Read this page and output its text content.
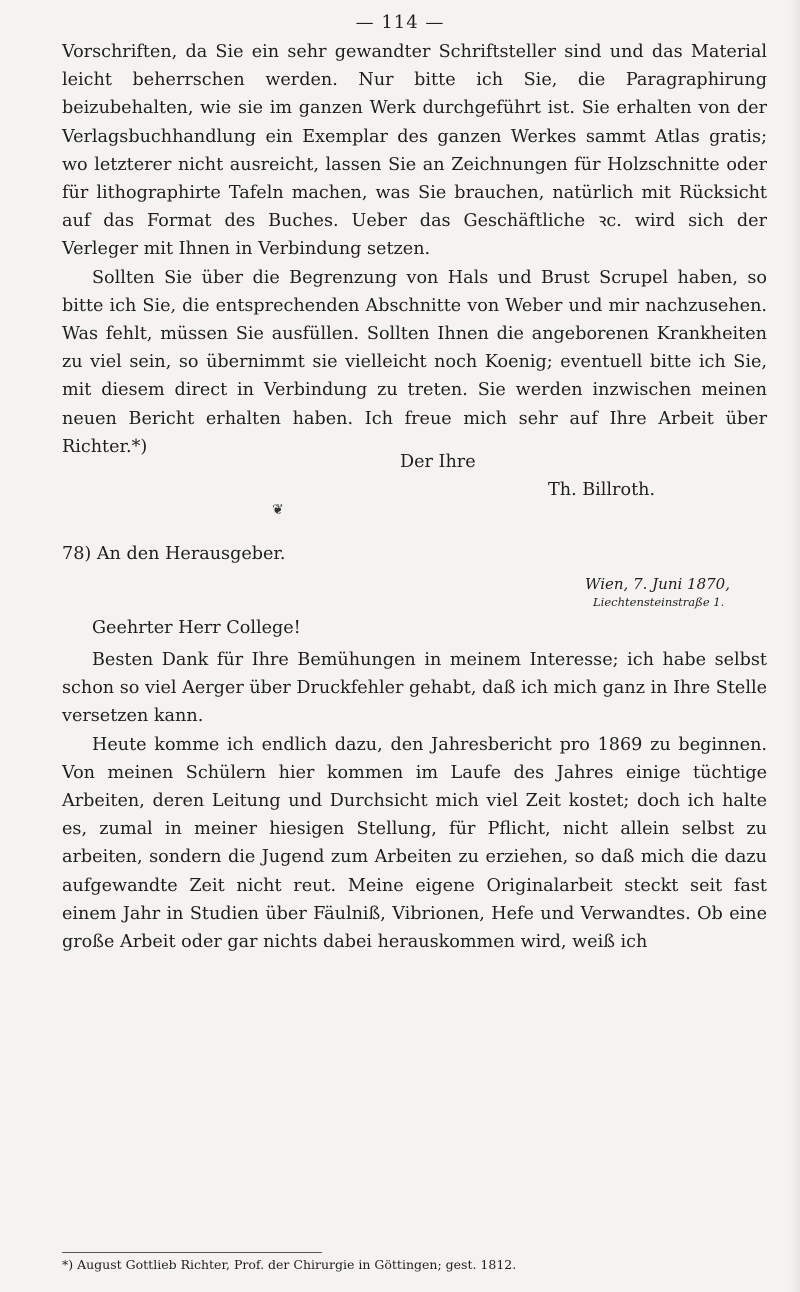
— 114 —

Vorschriften, da Sie ein sehr gewandter Schriftsteller sind und das Material leicht beherrschen werden. Nur bitte ich Sie, die Paragraphirung beizubehalten, wie sie im ganzen Werk durchgeführt ist. Sie erhalten von der Verlagsbuchhandlung ein Exemplar des ganzen Werkes sammt Atlas gratis; wo letzterer nicht ausreicht, lassen Sie an Zeichnungen für Holzschnitte oder für lithographirte Tafeln machen, was Sie brauchen, natürlich mit Rücksicht auf das Format des Buches. Ueber das Geschäftliche ꝛc. wird sich der Verleger mit Ihnen in Verbindung setzen.

Sollten Sie über die Begrenzung von Hals und Brust Scrupel haben, so bitte ich Sie, die entsprechenden Abschnitte von Weber und mir nachzusehen. Was fehlt, müssen Sie ausfüllen. Sollten Ihnen die angeborenen Krankheiten zu viel sein, so übernimmt sie vielleicht noch Koenig; eventuell bitte ich Sie, mit diesem direct in Verbindung zu treten. Sie werden inzwischen meinen neuen Bericht erhalten haben. Ich freue mich sehr auf Ihre Arbeit über Richter.*)

Der Ihre
Th. Billroth.
❦
78) An den Herausgeber.
Wien, 7. Juni 1870,
Liechtensteinstraße 1.
Geehrter Herr College!

Besten Dank für Ihre Bemühungen in meinem Interesse; ich habe selbst schon so viel Aerger über Druckfehler gehabt, daß ich mich ganz in Ihre Stelle versetzen kann.

Heute komme ich endlich dazu, den Jahresbericht pro 1869 zu beginnen. Von meinen Schülern hier kommen im Laufe des Jahres einige tüchtige Arbeiten, deren Leitung und Durchsicht mich viel Zeit kostet; doch ich halte es, zumal in meiner hiesigen Stellung, für Pflicht, nicht allein selbst zu arbeiten, sondern die Jugend zum Arbeiten zu erziehen, so daß mich die dazu aufgewandte Zeit nicht reut. Meine eigene Originalarbeit steckt seit fast einem Jahr in Studien über Fäulniß, Vibrionen, Hefe und Verwandtes. Ob eine große Arbeit oder gar nichts dabei herauskommen wird, weiß ich

*) August Gottlieb Richter, Prof. der Chirurgie in Göttingen; gest. 1812.
